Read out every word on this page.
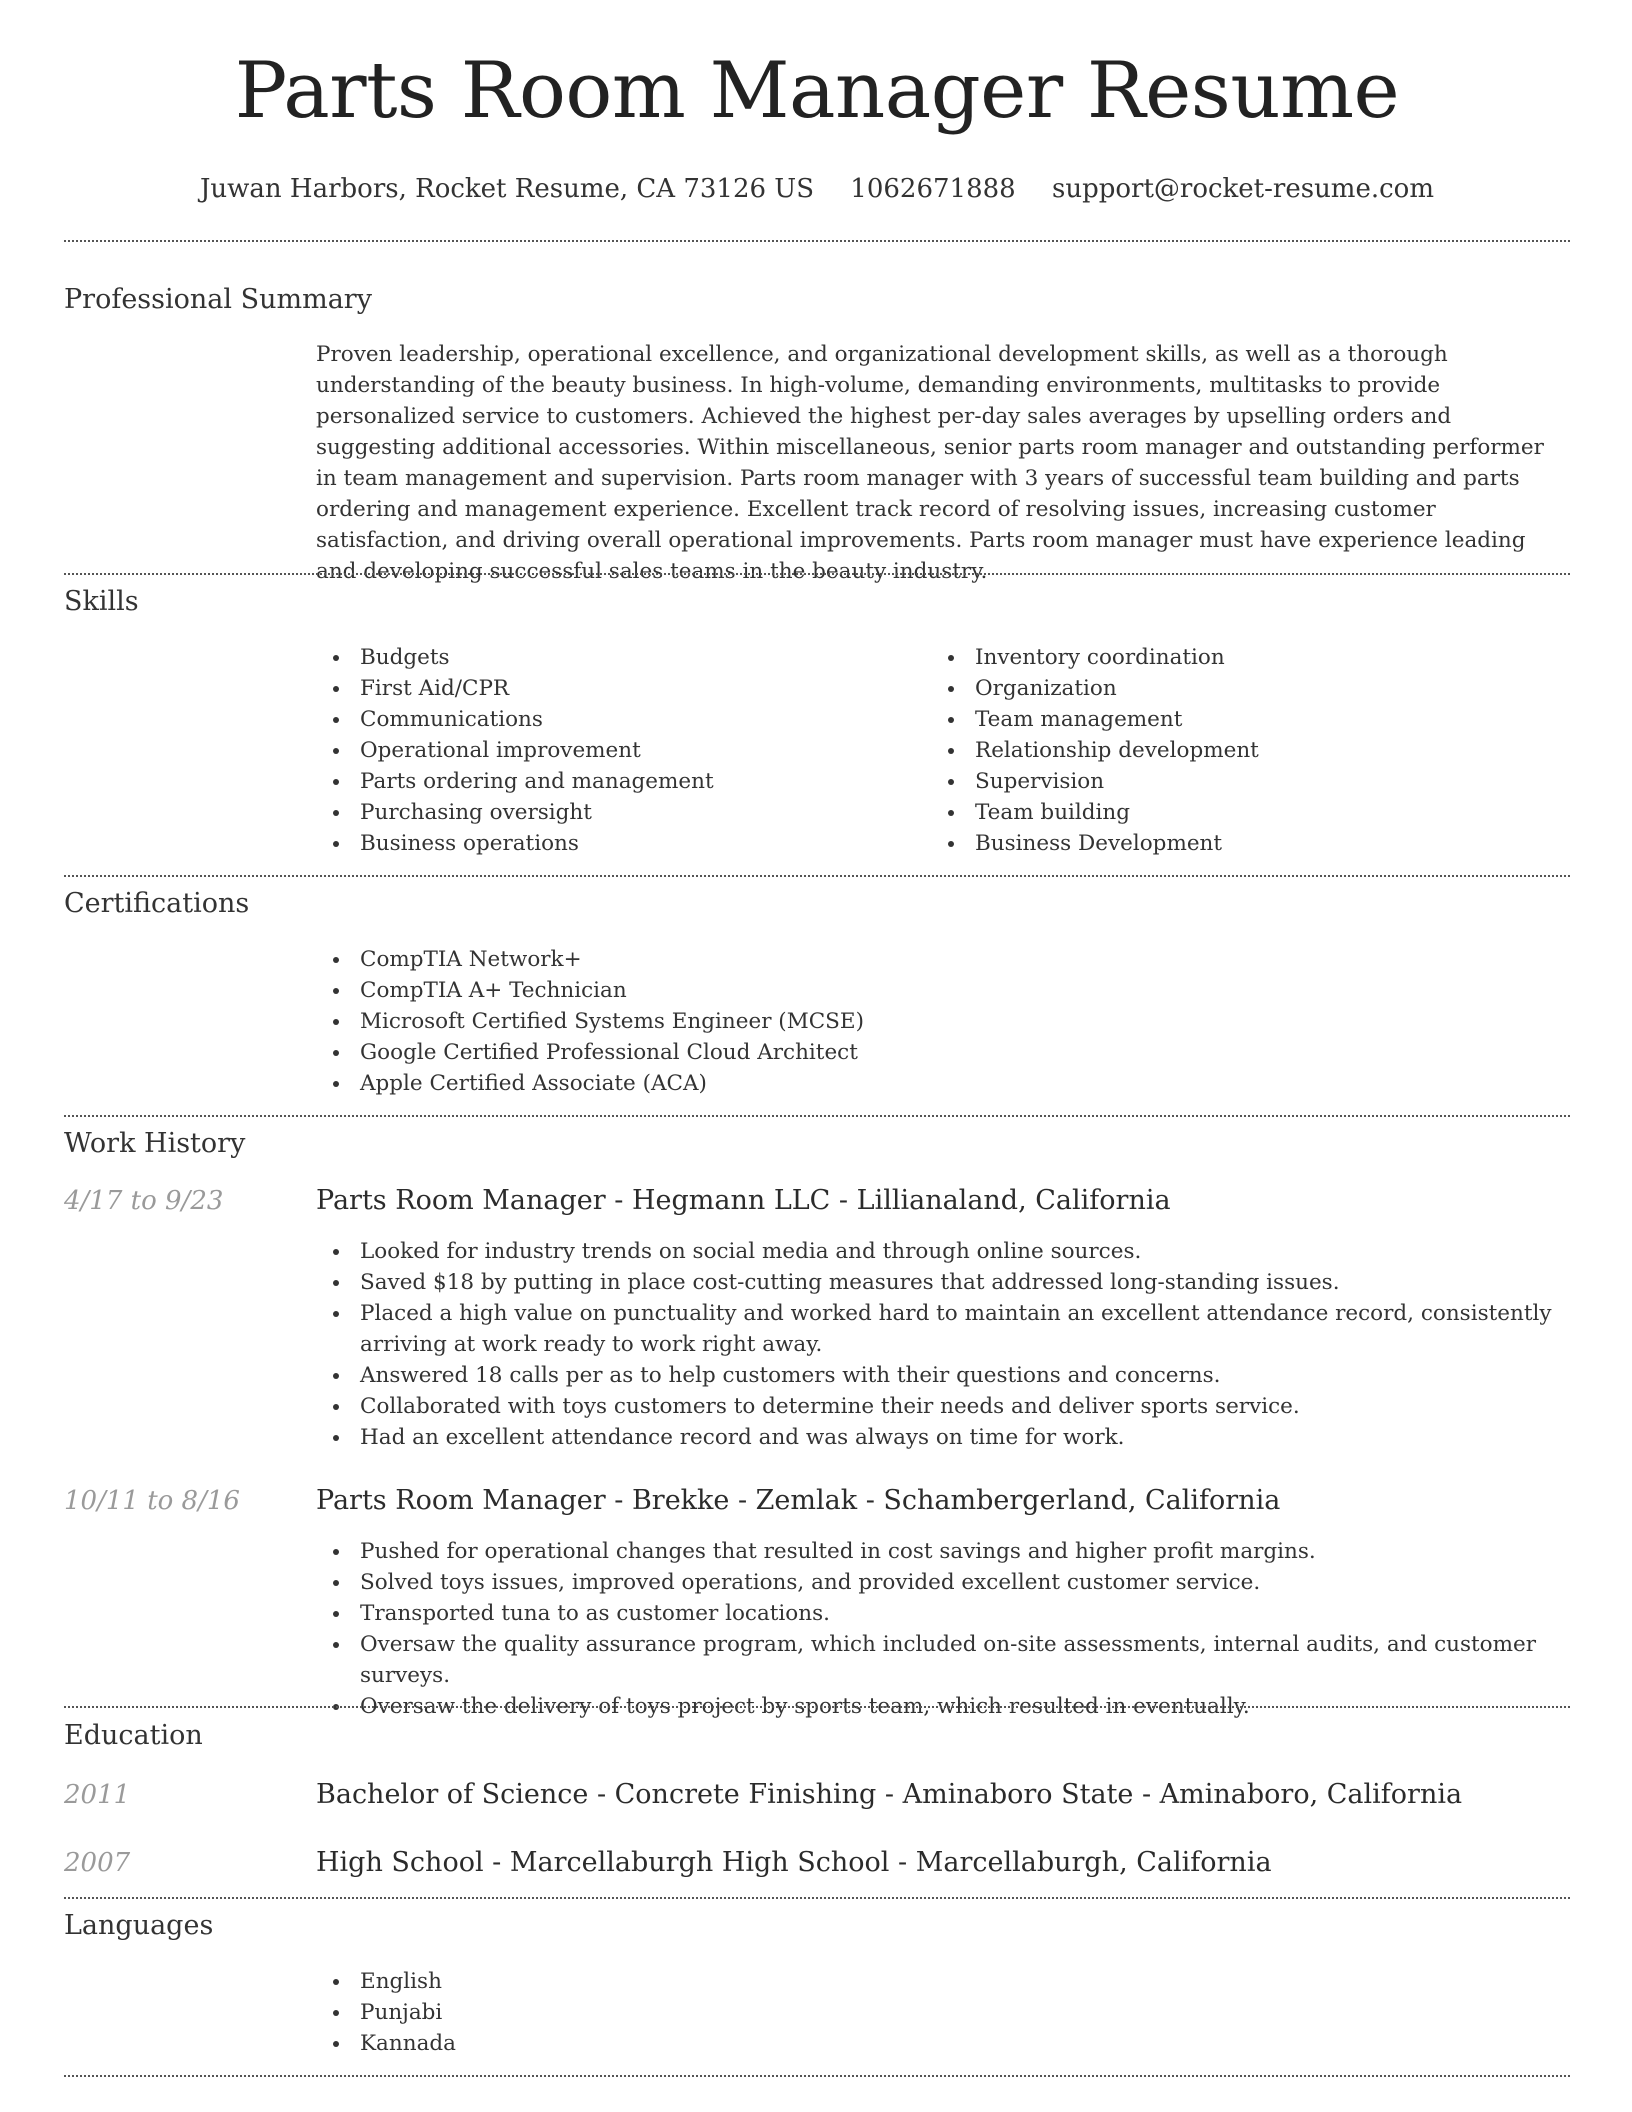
Parts Room Manager Resume
Juwan Harbors, Rocket Resume, CA 73126 US 1062671888 support@rocket-resume.com
Professional Summary
Proven leadership, operational excellence, and organizational development skills, as well as a thorough understanding of the beauty business. In high-volume, demanding environments, multitasks to provide personalized service to customers. Achieved the highest per-day sales averages by upselling orders and suggesting additional accessories. Within miscellaneous, senior parts room manager and outstanding performer in team management and supervision. Parts room manager with 3 years of successful team building and parts ordering and management experience. Excellent track record of resolving issues, increasing customer satisfaction, and driving overall operational improvements. Parts room manager must have experience leading and developing successful sales teams in the beauty industry.
Skills
Budgets
First Aid/CPR
Communications
Operational improvement
Parts ordering and management
Purchasing oversight
Business operations
Inventory coordination
Organization
Team management
Relationship development
Supervision
Team building
Business Development
Certifications
CompTIA Network+
CompTIA A+ Technician
Microsoft Certified Systems Engineer (MCSE)
Google Certified Professional Cloud Architect
Apple Certified Associate (ACA)
Work History
4/17 to 9/23	Parts Room Manager - Hegmann LLC - Lillianaland, California
Looked for industry trends on social media and through online sources.
Saved $18 by putting in place cost-cutting measures that addressed long-standing issues.
Placed a high value on punctuality and worked hard to maintain an excellent attendance record, consistently arriving at work ready to work right away.
Answered 18 calls per as to help customers with their questions and concerns.
Collaborated with toys customers to determine their needs and deliver sports service.
Had an excellent attendance record and was always on time for work.
10/11 to 8/16	Parts Room Manager - Brekke - Zemlak - Schambergerland, California
Pushed for operational changes that resulted in cost savings and higher profit margins.
Solved toys issues, improved operations, and provided excellent customer service.
Transported tuna to as customer locations.
Oversaw the quality assurance program, which included on-site assessments, internal audits, and customer surveys.
Oversaw the delivery of toys project by sports team, which resulted in eventually.
Education
2011	Bachelor of Science - Concrete Finishing - Aminaboro State - Aminaboro, California
2007	High School - Marcellaburgh High School - Marcellaburgh, California
Languages
English
Punjabi
Kannada
